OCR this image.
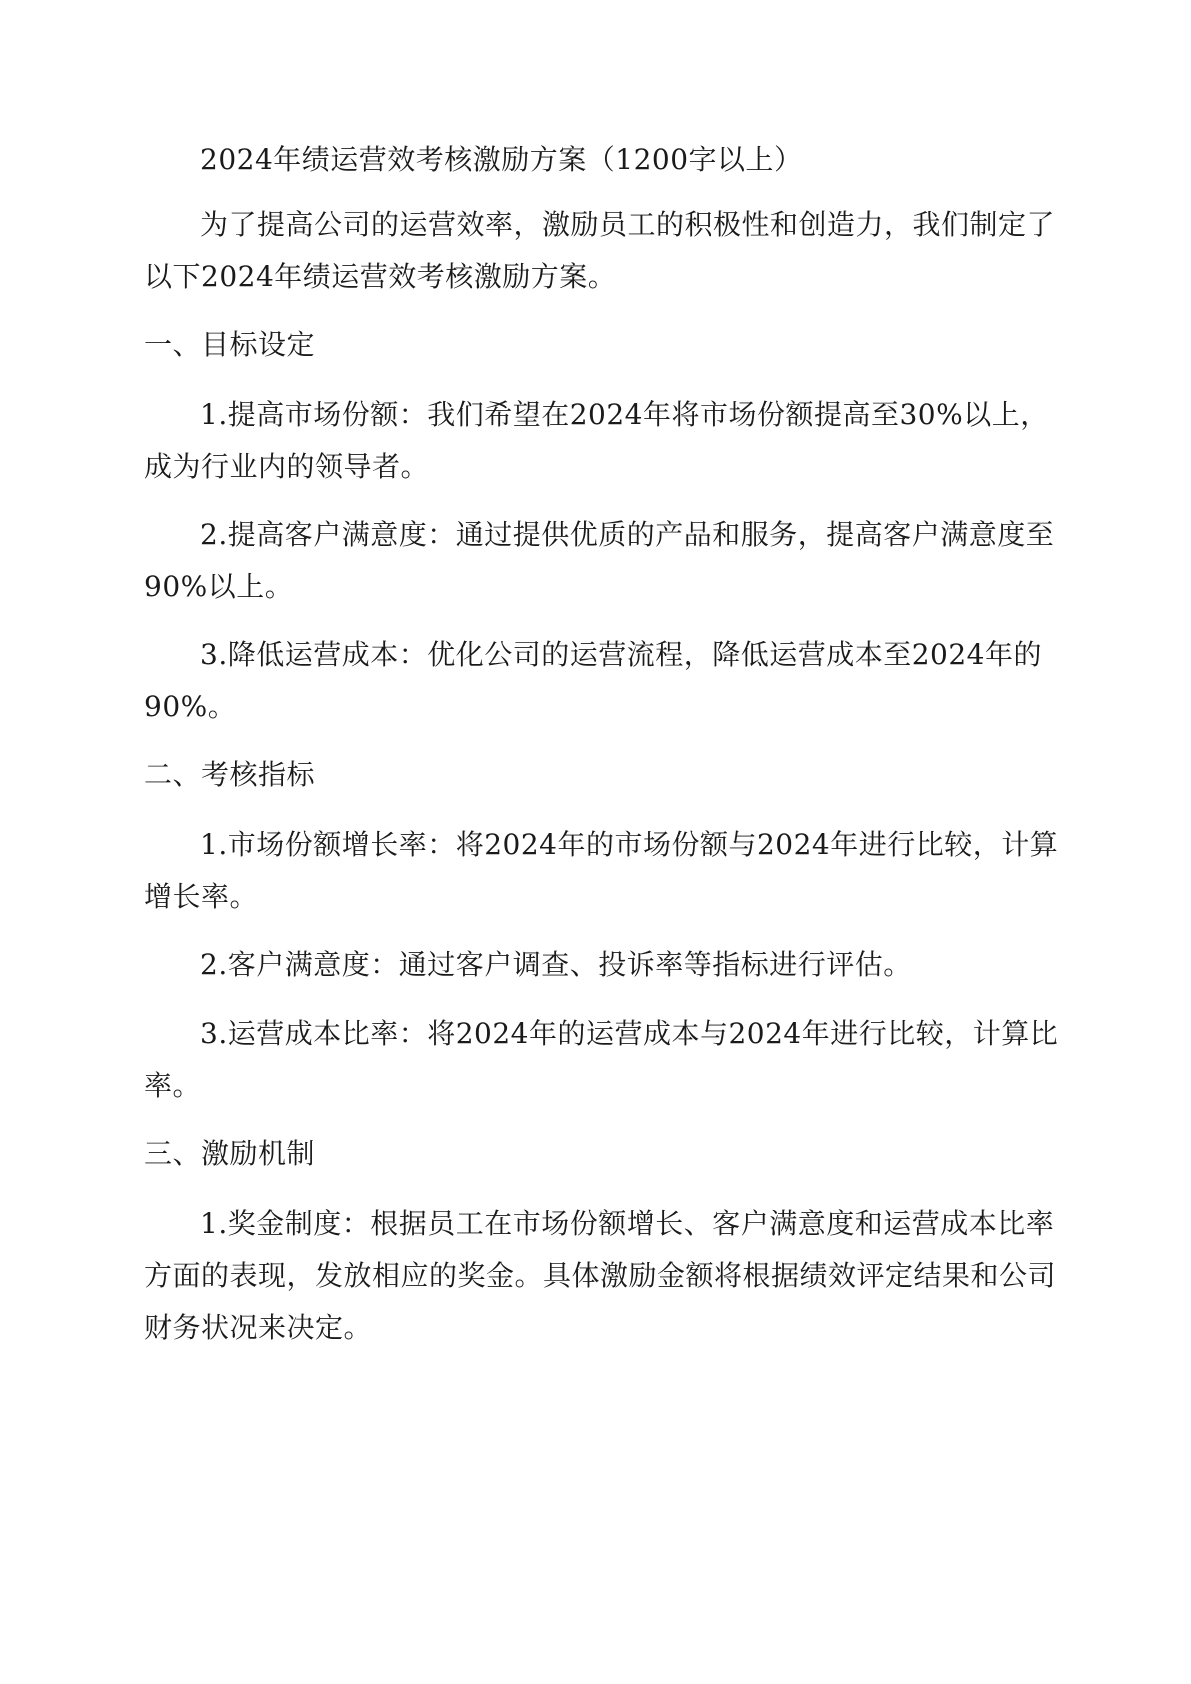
2024年绩运营效考核激励方案（1200字以上）

为了提高公司的运营效率，激励员工的积极性和创造力，我们制定了
以下2024年绩运营效考核激励方案。

一、目标设定

1.提高市场份额：我们希望在2024年将市场份额提高至30%以上，
成为行业内的领导者。

2.提高客户满意度：通过提供优质的产品和服务，提高客户满意度至
90%以上。

3.降低运营成本：优化公司的运营流程，降低运营成本至2024年的
90%。

二、考核指标

1.市场份额增长率：将2024年的市场份额与2024年进行比较，计算
增长率。

2.客户满意度：通过客户调查、投诉率等指标进行评估。

3.运营成本比率：将2024年的运营成本与2024年进行比较，计算比
率。

三、激励机制

1.奖金制度：根据员工在市场份额增长、客户满意度和运营成本比率
方面的表现，发放相应的奖金。具体激励金额将根据绩效评定结果和公司
财务状况来决定。
